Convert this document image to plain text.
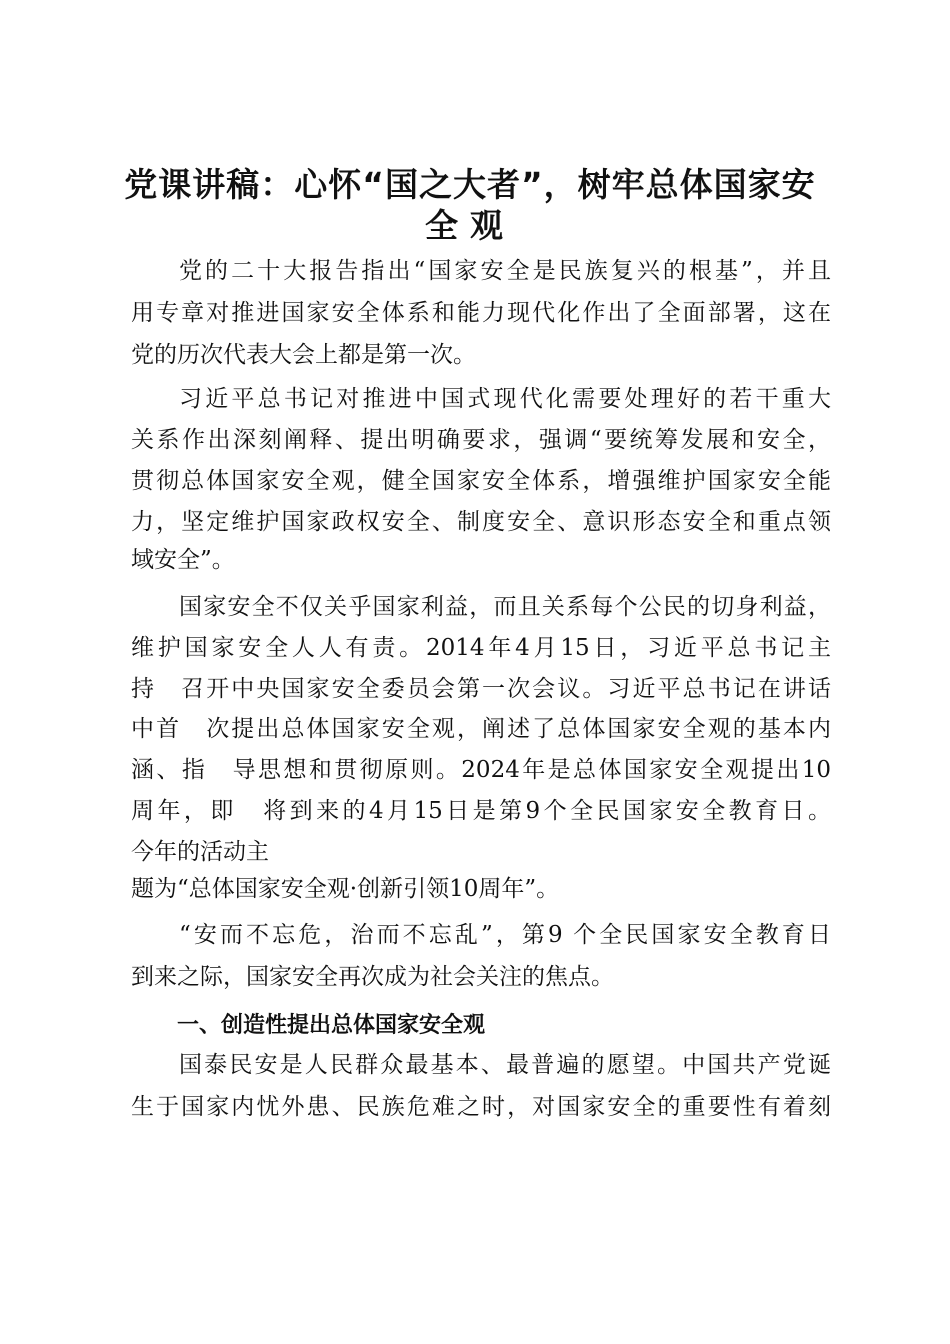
党课讲稿：心怀“国之大者”，树牢总体国家安
全观
党的二十大报告指出“国家安全是民族复兴的根基”，并且
用专章对推进国家安全体系和能力现代化作出了全面部署，这在
党的历次代表大会上都是第一次。
习近平总书记对推进中国式现代化需要处理好的若干重大
关系作出深刻阐释、提出明确要求，强调“要统筹发展和安全，
贯彻总体国家安全观，健全国家安全体系，增强维护国家安全能
力，坚定维护国家政权安全、制度安全、意识形态安全和重点领
域安全”。
国家安全不仅关乎国家利益，而且关系每个公民的切身利益，
维护国家安全人人有责。2014年4月15日，习近平总书记主
持　召开中央国家安全委员会第一次会议。习近平总书记在讲话
中首　次提出总体国家安全观，阐述了总体国家安全观的基本内
涵、指　导思想和贯彻原则。2024年是总体国家安全观提出10
周年，即　将到来的4月15日是第9个全民国家安全教育日。
今年的活动主
题为“总体国家安全观·创新引领10周年”。
“安而不忘危，治而不忘乱”，第9 个全民国家安全教育日
到来之际，国家安全再次成为社会关注的焦点。
一、创造性提出总体国家安全观
国泰民安是人民群众最基本、最普遍的愿望。中国共产党诞
生于国家内忧外患、民族危难之时，对国家安全的重要性有着刻
